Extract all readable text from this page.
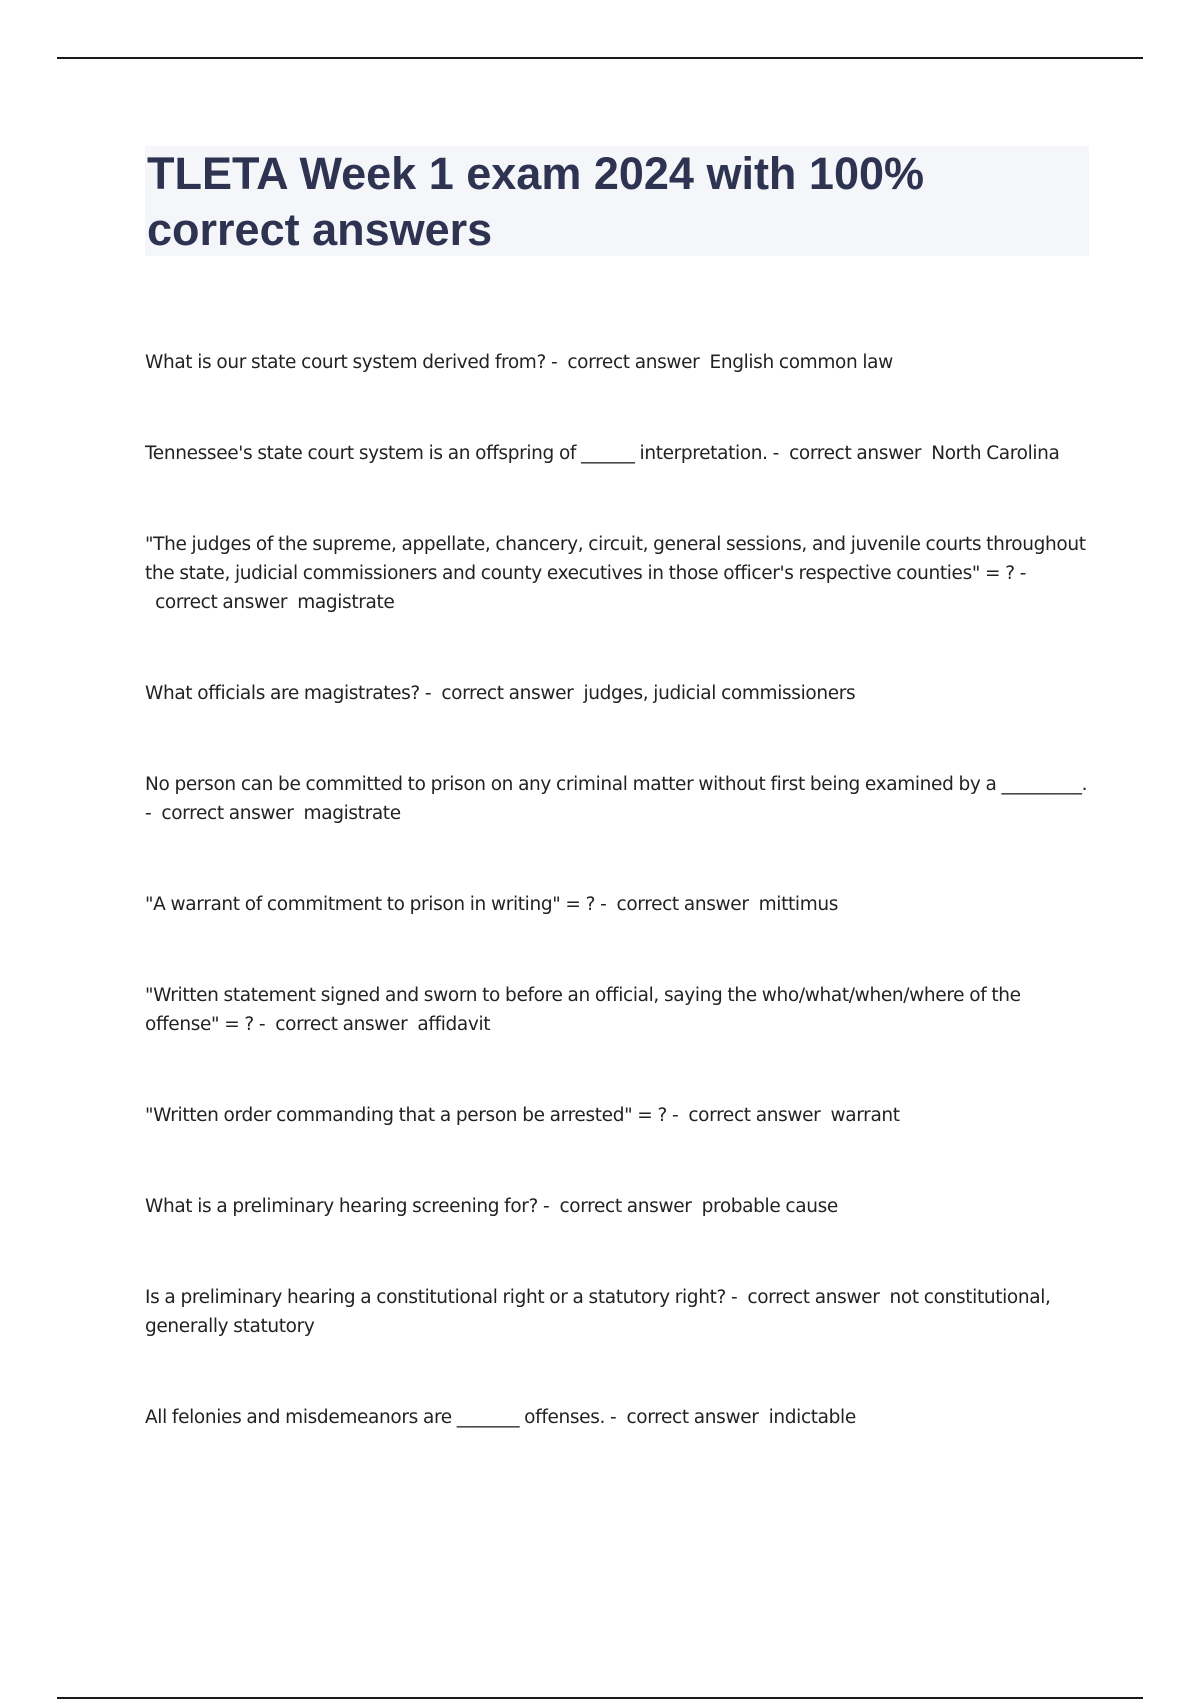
TLETA Week 1 exam 2024 with 100% correct answers
What is our state court system derived from? - correct answer English common law
Tennessee's state court system is an offspring of ______ interpretation. - correct answer North Carolina
"The judges of the supreme, appellate, chancery, circuit, general sessions, and juvenile courts throughout the state, judicial commissioners and county executives in those officer's respective counties" = ? -  correct answer magistrate
What officials are magistrates? - correct answer judges, judicial commissioners
No person can be committed to prison on any criminal matter without first being examined by a _________. - correct answer magistrate
"A warrant of commitment to prison in writing" = ? - correct answer mittimus
"Written statement signed and sworn to before an official, saying the who/what/when/where of the offense" = ? - correct answer affidavit
"Written order commanding that a person be arrested" = ? - correct answer warrant
What is a preliminary hearing screening for? - correct answer probable cause
Is a preliminary hearing a constitutional right or a statutory right? - correct answer not constitutional, generally statutory
All felonies and misdemeanors are _______ offenses. - correct answer indictable
